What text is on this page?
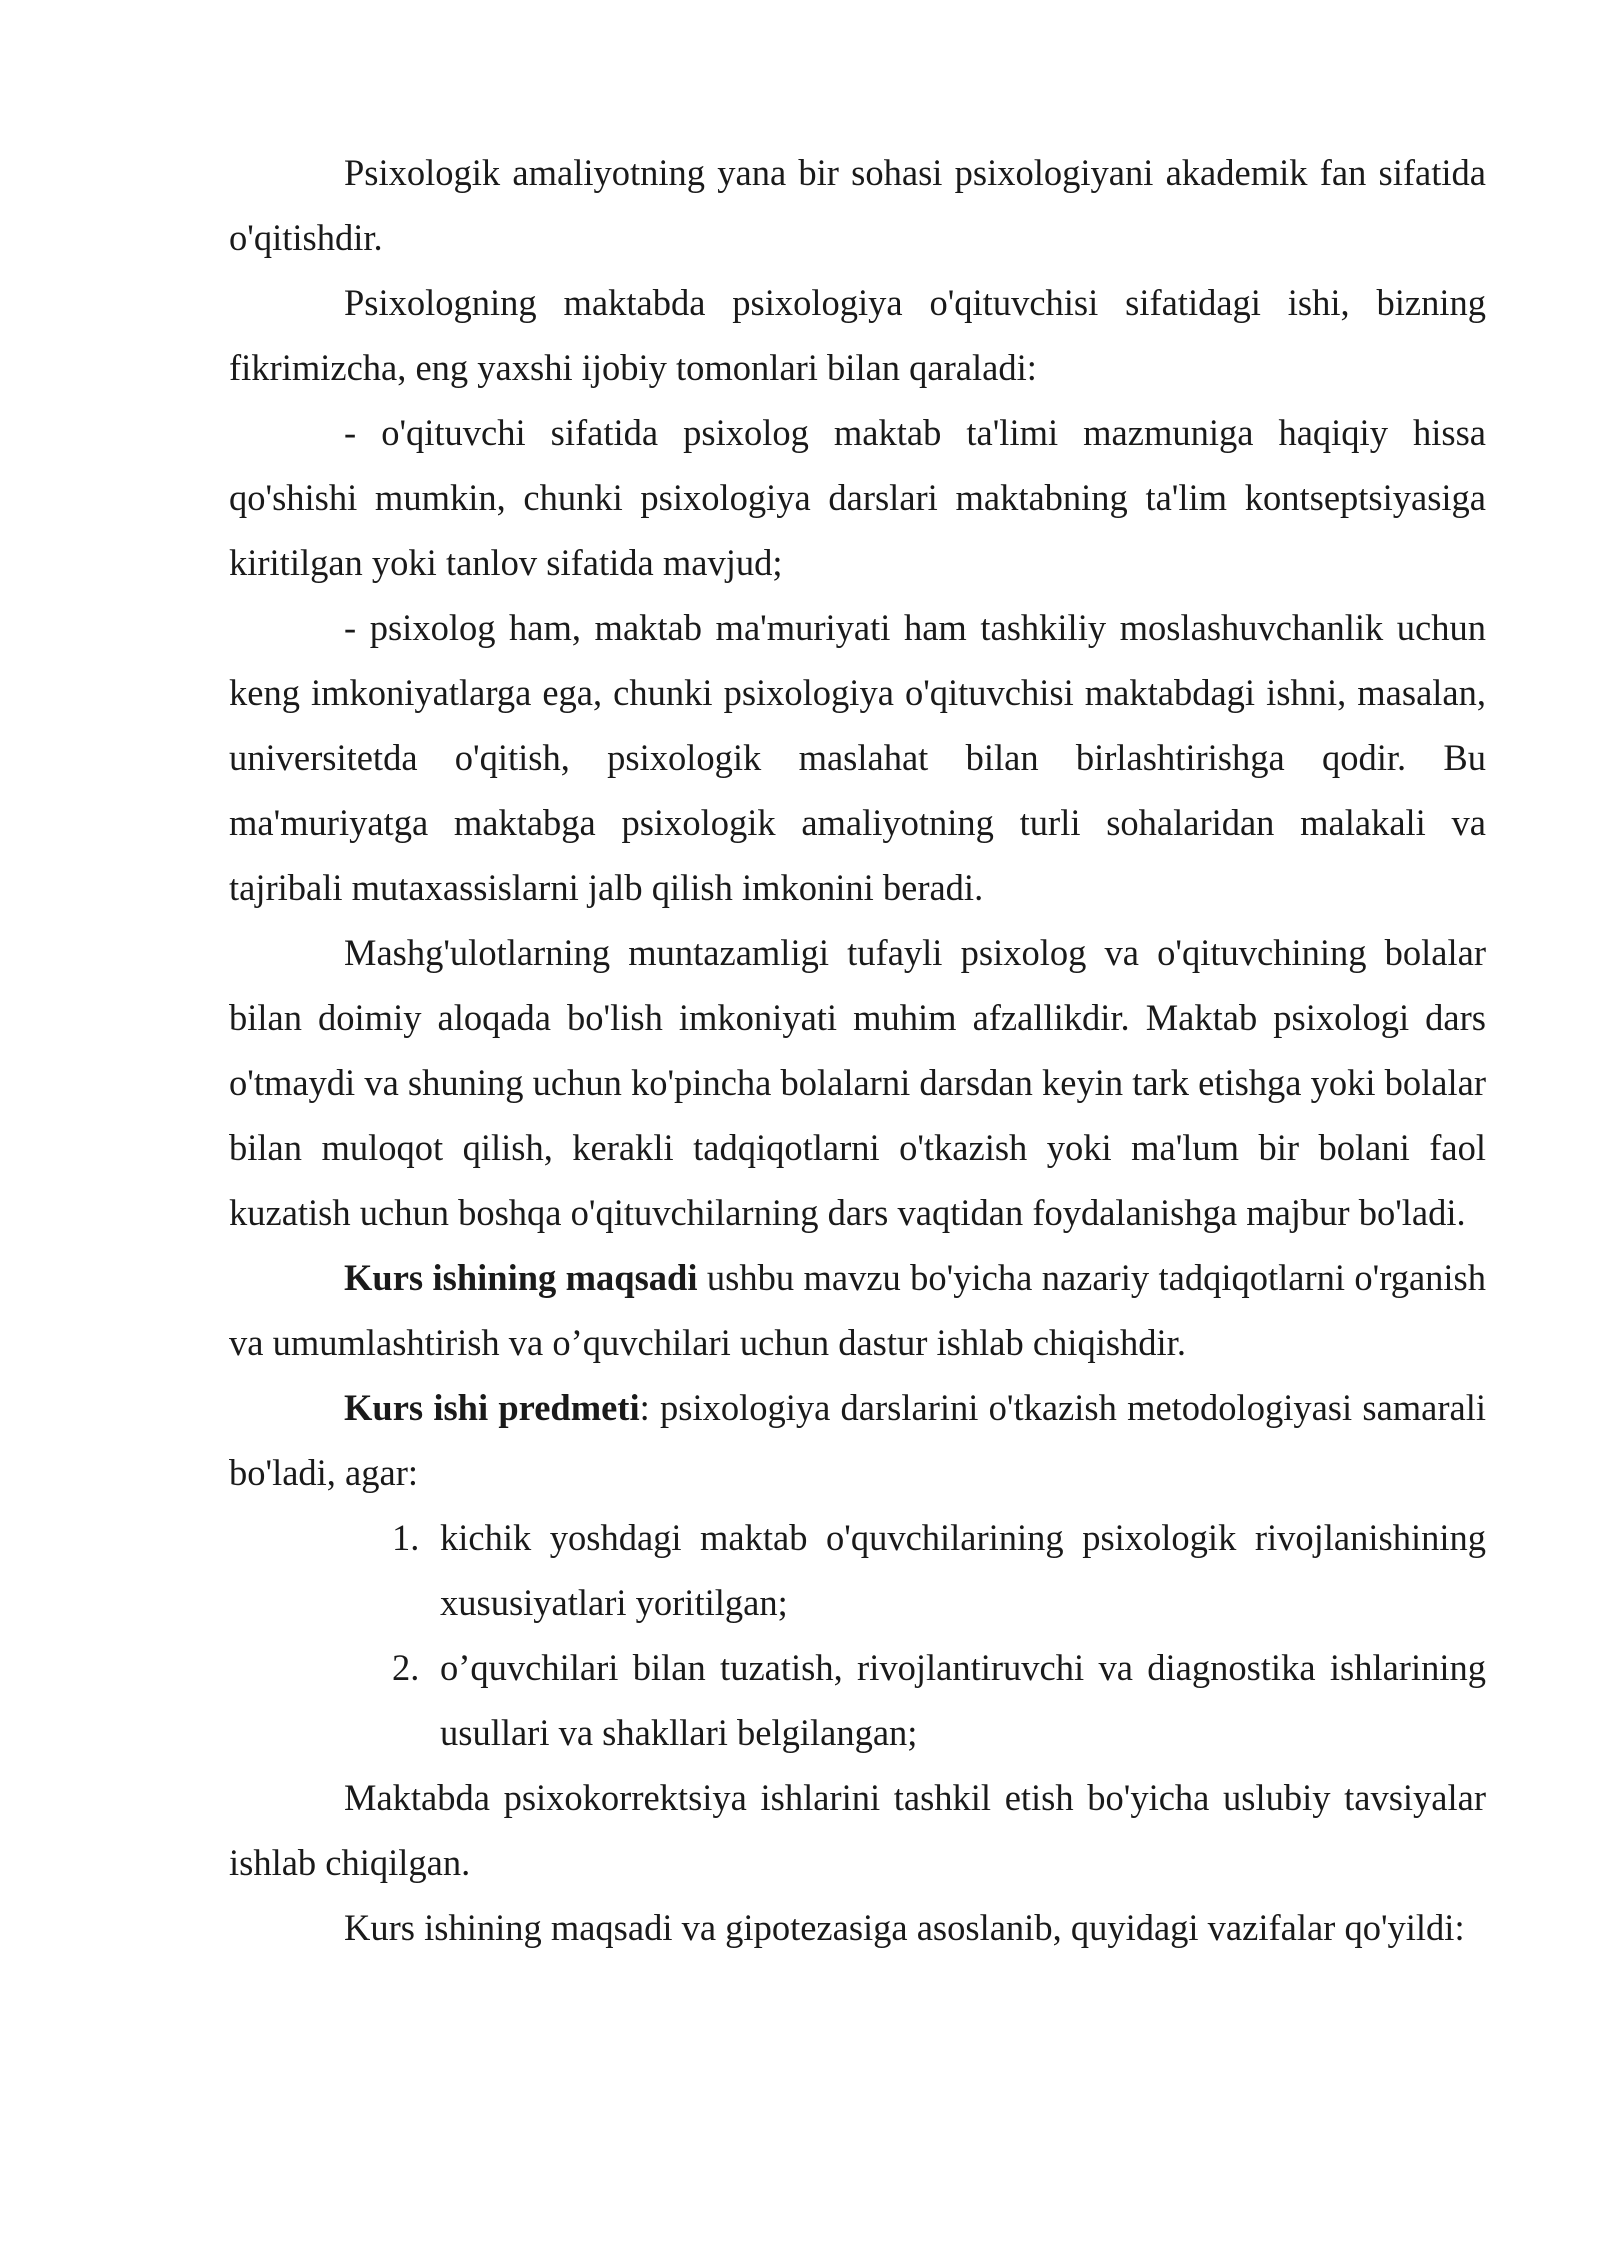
Psixologik amaliyotning yana bir sohasi psixologiyani akademik fan sifatida o'qitishdir.

Psixologning maktabda psixologiya o'qituvchisi sifatidagi ishi, bizning fikrimizcha, eng yaxshi ijobiy tomonlari bilan qaraladi:

- o'qituvchi sifatida psixolog maktab ta'limi mazmuniga haqiqiy hissa qo'shishi mumkin, chunki psixologiya darslari maktabning ta'lim kontseptsiyasiga kiritilgan yoki tanlov sifatida mavjud;

- psixolog ham, maktab ma'muriyati ham tashkiliy moslashuvchanlik uchun keng imkoniyatlarga ega, chunki psixologiya o'qituvchisi maktabdagi ishni, masalan, universitetda o'qitish, psixologik maslahat bilan birlashtirishga qodir. Bu ma'muriyatga maktabga psixologik amaliyotning turli sohalaridan malakali va tajribali mutaxassislarni jalb qilish imkonini beradi.

Mashg'ulotlarning muntazamligi tufayli psixolog va o'qituvchining bolalar bilan doimiy aloqada bo'lish imkoniyati muhim afzallikdir. Maktab psixologi dars o'tmaydi va shuning uchun ko'pincha bolalarni darsdan keyin tark etishga yoki bolalar bilan muloqot qilish, kerakli tadqiqotlarni o'tkazish yoki ma'lum bir bolani faol kuzatish uchun boshqa o'qituvchilarning dars vaqtidan foydalanishga majbur bo'ladi.

Kurs ishining maqsadi ushbu mavzu bo'yicha nazariy tadqiqotlarni o'rganish va umumlashtirish va o’quvchilari uchun dastur ishlab chiqishdir.

Kurs ishi predmeti: psixologiya darslarini o'tkazish metodologiyasi samarali bo'ladi, agar:

1. kichik yoshdagi maktab o'quvchilarining psixologik rivojlanishining xususiyatlari yoritilgan;
2. o’quvchilari bilan tuzatish, rivojlantiruvchi va diagnostika ishlarining usullari va shakllari belgilangan;

Maktabda psixokorrektsiya ishlarini tashkil etish bo'yicha uslubiy tavsiyalar ishlab chiqilgan.

Kurs ishining maqsadi va gipotezasiga asoslanib, quyidagi vazifalar qo'yildi:
